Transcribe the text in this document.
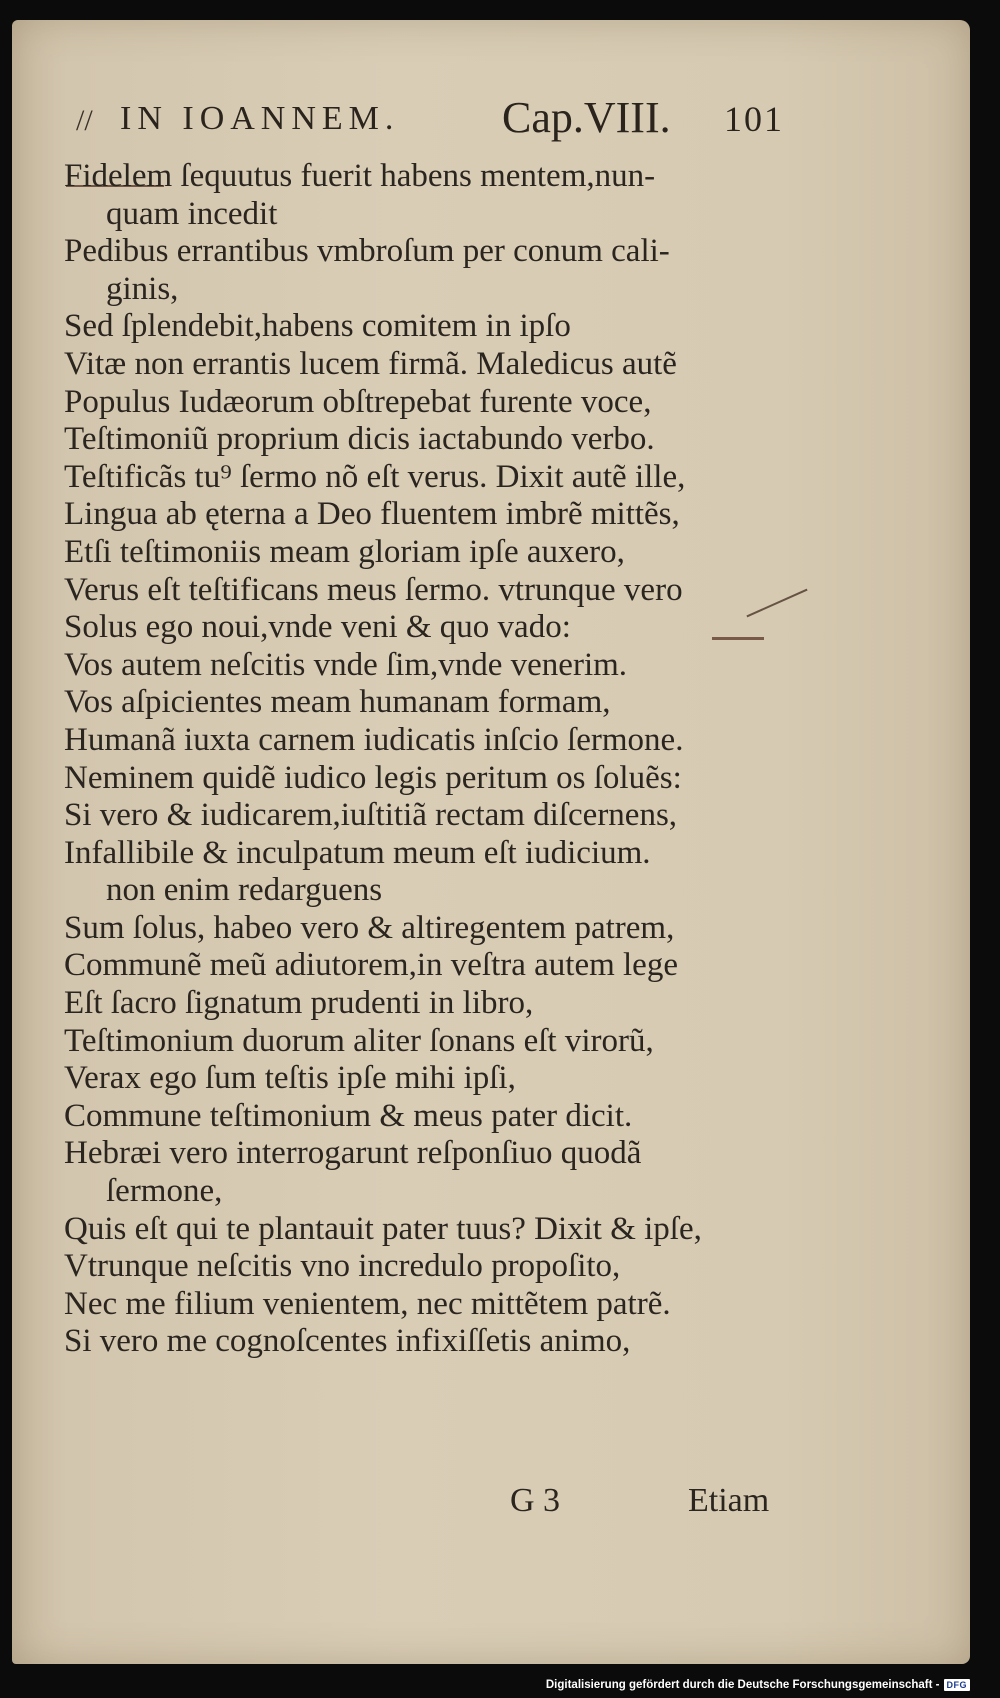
// IN IOANNEM. Cap.VIII. 101
Fidelem ſequutus fuerit habens mentem,nun-
quam incedit
Pedibus errantibus vmbroſum per conum cali-
ginis,
Sed ſplendebit,habens comitem in ipſo
Vitæ non errantis lucem firmã. Maledicus autẽ
Populus Iudæorum obſtrepebat furente voce,
Teſtimoniũ proprium dicis iactabundo verbo.
Teſtificãs tu⁹ ſermo nõ eſt verus. Dixit autẽ ille,
Lingua ab ęterna a Deo fluentem imbrẽ mittẽs,
Etſi teſtimoniis meam gloriam ipſe auxero,
Verus eſt teſtificans meus ſermo. vtrunque vero
Solus ego noui,vnde veni & quo vado:
Vos autem neſcitis vnde ſim,vnde venerim.
Vos aſpicientes meam humanam formam,
Humanã iuxta carnem iudicatis inſcio ſermone.
Neminem quidẽ iudico legis peritum os ſoluẽs:
Si vero & iudicarem,iuſtitiã rectam diſcernens,
Infallibile & inculpatum meum eſt iudicium.
non enim redarguens
Sum ſolus, habeo vero & altiregentem patrem,
Communẽ meũ adiutorem,in veſtra autem lege
Eſt ſacro ſignatum prudenti in libro,
Teſtimonium duorum aliter ſonans eſt virorũ,
Verax ego ſum teſtis ipſe mihi ipſi,
Commune teſtimonium & meus pater dicit.
Hebræi vero interrogarunt reſponſiuo quodã
ſermone,
Quis eſt qui te plantauit pater tuus? Dixit & ipſe,
Vtrunque neſcitis vno incredulo propoſito,
Nec me filium venientem, nec mittẽtem patrẽ.
Si vero me cognoſcentes infixiſſetis animo,
G 3	Etiam
Digitalisierung gefördert durch die Deutsche Forschungsgemeinschaft - DFG
